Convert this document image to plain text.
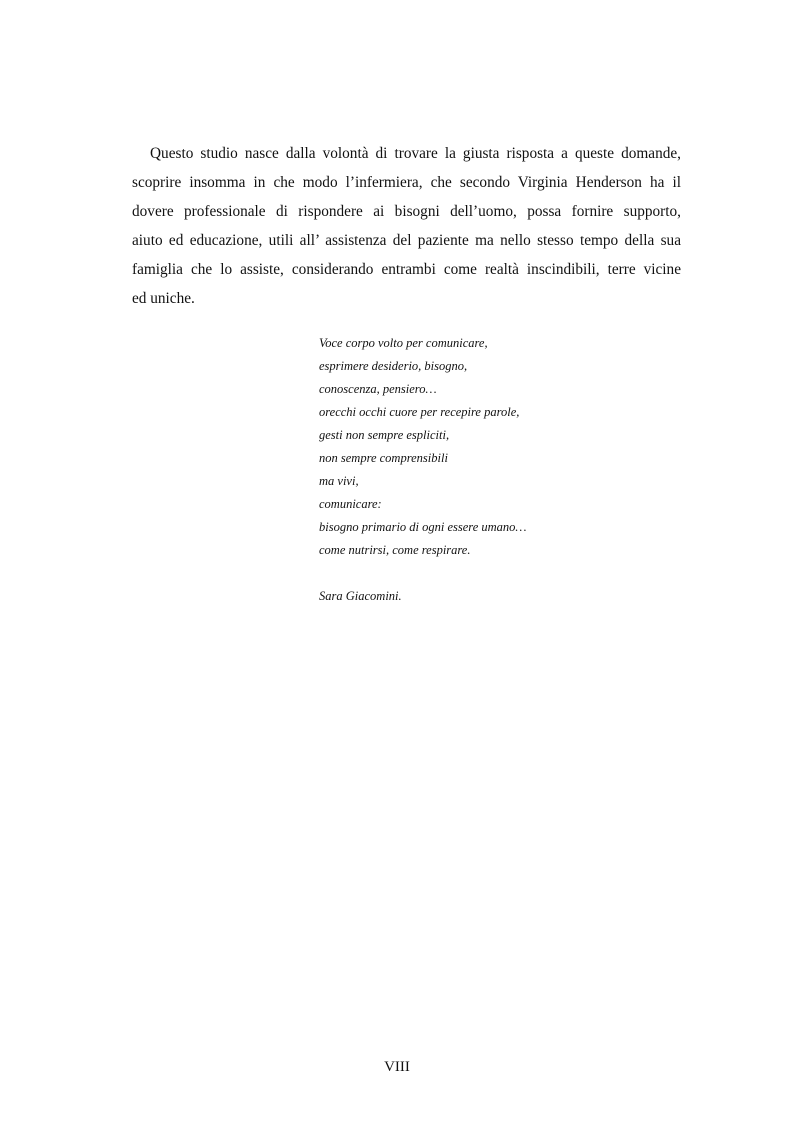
Questo studio nasce dalla volontà di trovare la giusta risposta a queste domande,
scoprire insomma in che modo l’infermiera, che secondo Virginia Henderson ha il
dovere professionale di rispondere ai bisogni dell’uomo, possa fornire supporto,
aiuto ed educazione, utili all’ assistenza del paziente ma nello stesso tempo della sua
famiglia che lo assiste, considerando entrambi come realtà inscindibili, terre vicine
ed uniche.
Voce corpo volto per comunicare,
esprimere desiderio, bisogno,
conoscenza, pensiero…
orecchi occhi cuore per recepire parole,
gesti non sempre espliciti,
non sempre comprensibili
ma vivi,
comunicare:
bisogno primario di ogni essere umano…
come nutrirsi, come respirare.
Sara Giacomini.
VIII
